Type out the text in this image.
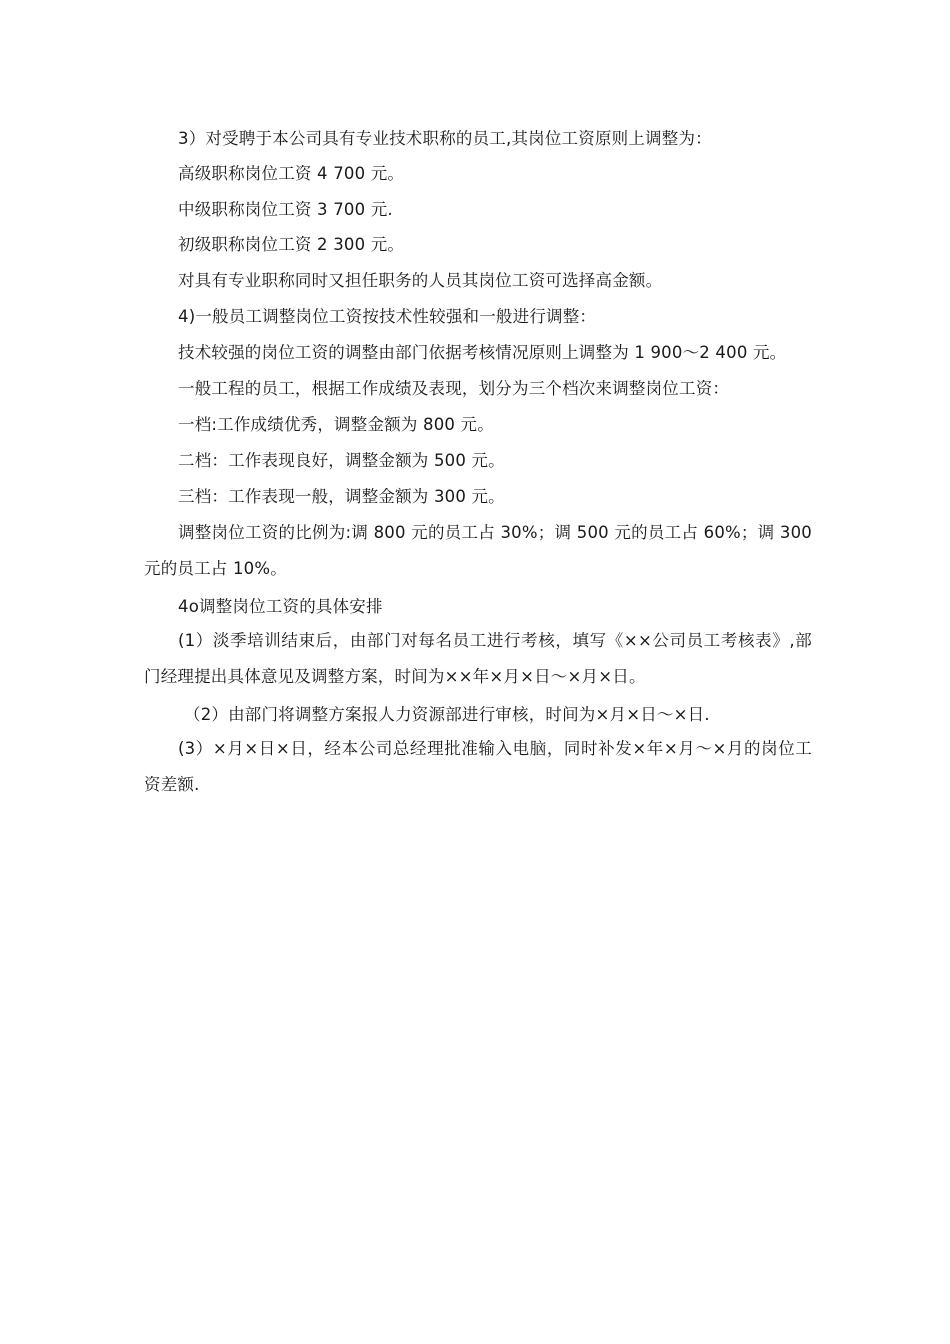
3）对受聘于本公司具有专业技术职称的员工,其岗位工资原则上调整为：
高级职称岗位工资 4 700 元。
中级职称岗位工资 3 700 元.
初级职称岗位工资 2 300 元。
对具有专业职称同时又担任职务的人员其岗位工资可选择高金额。
4)一般员工调整岗位工资按技术性较强和一般进行调整：
技术较强的岗位工资的调整由部门依据考核情况原则上调整为 1 900～2 400 元。
一般工程的员工，根据工作成绩及表现，划分为三个档次来调整岗位工资：
一档:工作成绩优秀，调整金额为 800 元。
二档：工作表现良好，调整金额为 500 元。
三档：工作表现一般，调整金额为 300 元。
调整岗位工资的比例为:调 800 元的员工占 30%；调 500 元的员工占 60%；调 300 元的员工占 10%。
4o调整岗位工资的具体安排
(1）淡季培训结束后，由部门对每名员工进行考核，填写《××公司员工考核表》,部门经理提出具体意见及调整方案，时间为××年×月×日～×月×日。
（2）由部门将调整方案报人力资源部进行审核，时间为×月×日～×日.
(3）×月×日×日，经本公司总经理批准输入电脑，同时补发×年×月～×月的岗位工资差额.
